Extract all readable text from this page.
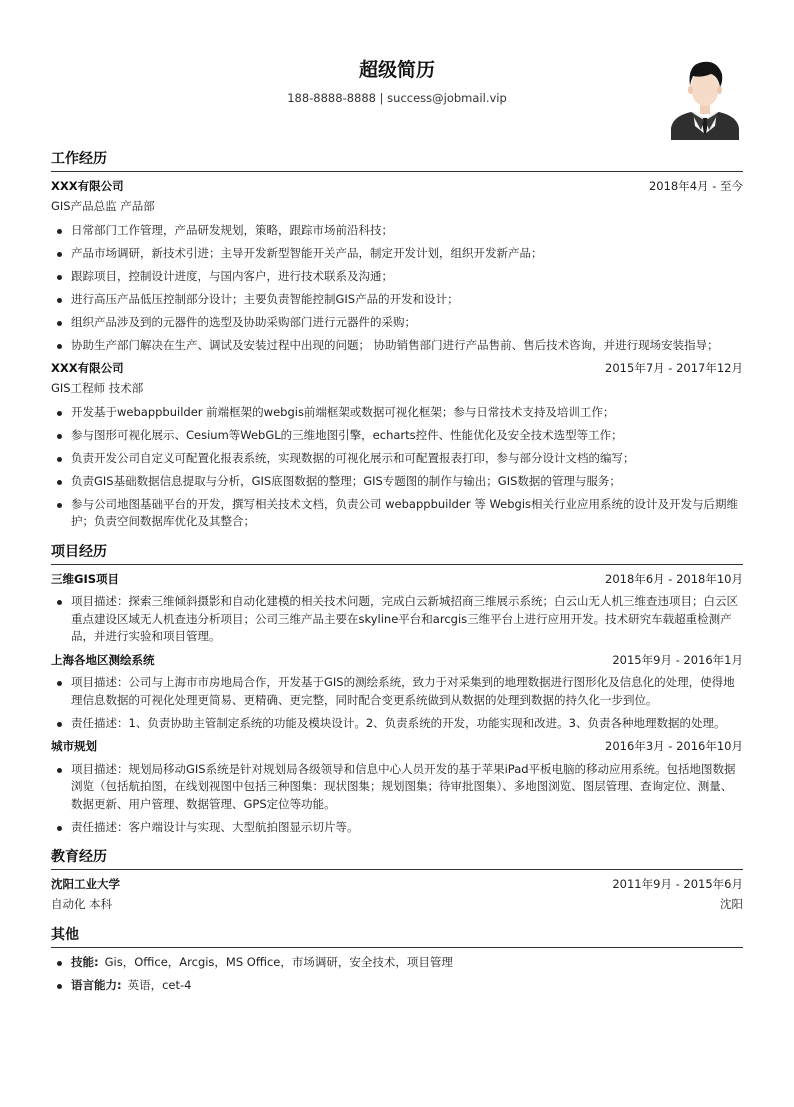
超级简历
188-8888-8888 | success@jobmail.vip
工作经历
XXX有限公司	2018年4月 - 至今
GIS产品总监 产品部
日常部门工作管理，产品研发规划，策略，跟踪市场前沿科技；
产品市场调研，新技术引进；主导开发新型智能开关产品，制定开发计划，组织开发新产品；
跟踪项目，控制设计进度，与国内客户，进行技术联系及沟通；
进行高压产品低压控制部分设计；主要负责智能控制GIS产品的开发和设计；
组织产品涉及到的元器件的选型及协助采购部门进行元器件的采购；
协助生产部门解决在生产、调试及安装过程中出现的问题； 协助销售部门进行产品售前、售后技术咨询，并进行现场安装指导；
XXX有限公司	2015年7月 - 2017年12月
GIS工程师 技术部
开发基于webappbuilder 前端框架的webgis前端框架或数据可视化框架；参与日常技术支持及培训工作；
参与图形可视化展示、Cesium等WebGL的三维地图引擎，echarts控件、性能优化及安全技术选型等工作；
负责开发公司自定义可配置化报表系统，实现数据的可视化展示和可配置报表打印，参与部分设计文档的编写；
负责GIS基础数据信息提取与分析，GIS底图数据的整理；GIS专题图的制作与输出；GIS数据的管理与服务；
参与公司地图基础平台的开发，撰写相关技术文档，负责公司 webappbuilder 等 Webgis相关行业应用系统的设计及开发与后期维护；负责空间数据库优化及其整合；
项目经历
三维GIS项目	2018年6月 - 2018年10月
项目描述：探索三维倾斜摄影和自动化建模的相关技术问题，完成白云新城招商三维展示系统；白云山无人机三维查违项目；白云区重点建设区域无人机查违分析项目；公司三维产品主要在skyline平台和arcgis三维平台上进行应用开发。技术研究车载超重检测产品，并进行实验和项目管理。
上海各地区测绘系统	2015年9月 - 2016年1月
项目描述：公司与上海市市房地局合作，开发基于GIS的测绘系统，致力于对采集到的地理数据进行图形化及信息化的处理，使得地理信息数据的可视化处理更简易、更精确、更完整，同时配合变更系统做到从数据的处理到数据的持久化一步到位。
责任描述：1、负责协助主管制定系统的功能及模块设计。2、负责系统的开发，功能实现和改进。3、负责各种地理数据的处理。
城市规划	2016年3月 - 2016年10月
项目描述：规划局移动GIS系统是针对规划局各级领导和信息中心人员开发的基于苹果iPad平板电脑的移动应用系统。包括地图数据浏览（包括航拍图，在线划视图中包括三种图集：现状图集；规划图集；待审批图集）、多地图浏览、图层管理、查询定位、测量、数据更新、用户管理、数据管理、GPS定位等功能。
责任描述：客户端设计与实现、大型航拍图显示切片等。
教育经历
沈阳工业大学	2011年9月 - 2015年6月
自动化 本科	沈阳
其他
技能: Gis，Office，Arcgis，MS Office，市场调研，安全技术，项目管理
语言能力: 英语，cet-4
